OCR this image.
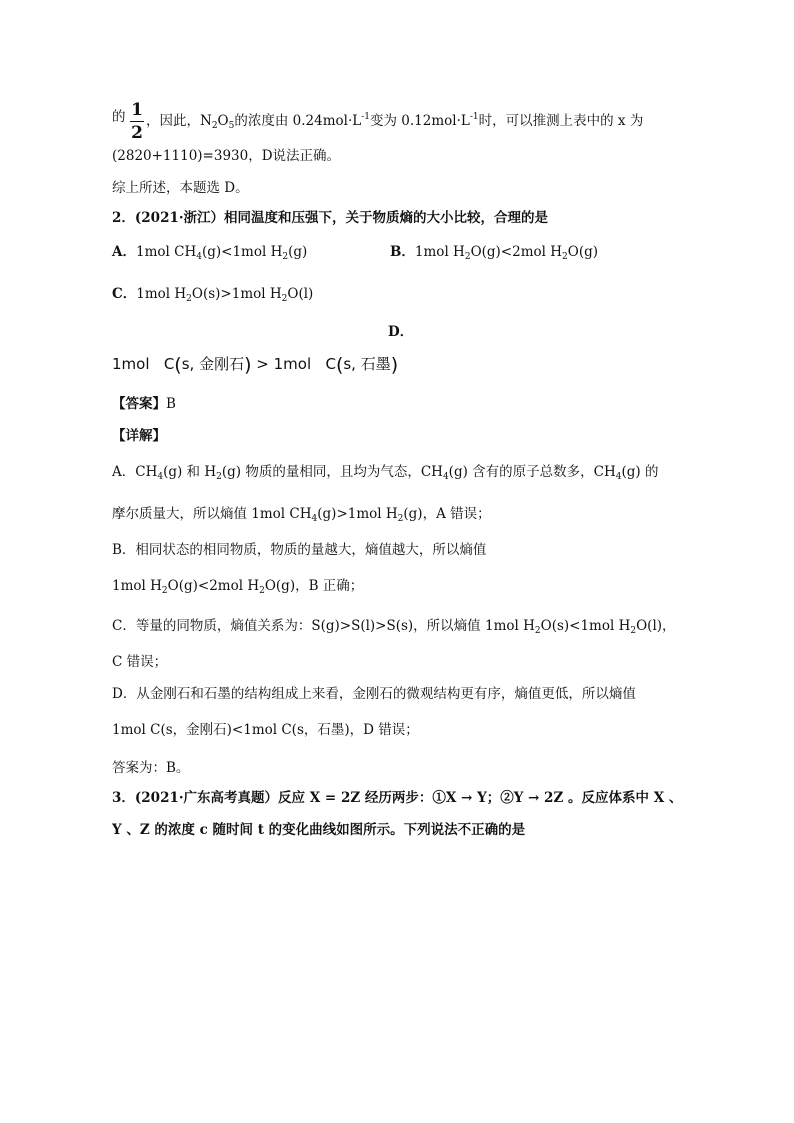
的 1
2
，因此，$N_2O_5$的浓度由 $0.24mol\cdot L^{-1}$变为 $0.12mol\cdot L^{-1}$时，可以推测上表中的 x 为
(2820+1110)=3930，D说法正确。
综上所述，本题选 D。
2．(2021·浙江）相同温度和压强下，关于物质熵的大小比较，合理的是
A．1mol $CH_4(g)<1mol$ $H_2(g)$	B．1mol $H_2O(g)<2mol$ $H_2O(g)$
C．1mol $H_2O(s)>1mol$ $H_2O(l)$
D．
1mol C(s, 金刚石) > 1mol C(s, 石墨)
【答案】B
【详解】
A．$CH_4(g)$ 和 $H_2(g)$ 物质的量相同，且均为气态，$CH_4(g)$ 含有的原子总数多，$CH_4(g)$ 的
摩尔质量大，所以熵值 1mol $CH_4(g)>1mol$ $H_2(g)$，A 错误；
B．相同状态的相同物质，物质的量越大，熵值越大，所以熵值
1mol $H_2O(g)<2mol$ $H_2O(g)$，B 正确；
C．等量的同物质，熵值关系为：S(g)>S(l)>S(s)，所以熵值 1mol $H_2O(s)<1mol$ $H_2O(l)$，
C 错误；
D．从金刚石和石墨的结构组成上来看，金刚石的微观结构更有序，熵值更低，所以熵值
1mol C(s，金刚石)<1mol C(s，石墨)，D 错误；
答案为：B。
3．(2021·广东高考真题）反应 X = 2Z 经历两步：①X → Y；②Y → 2Z 。反应体系中 X 、
Y 、Z 的浓度 c 随时间 t 的变化曲线如图所示。下列说法不正确的是
